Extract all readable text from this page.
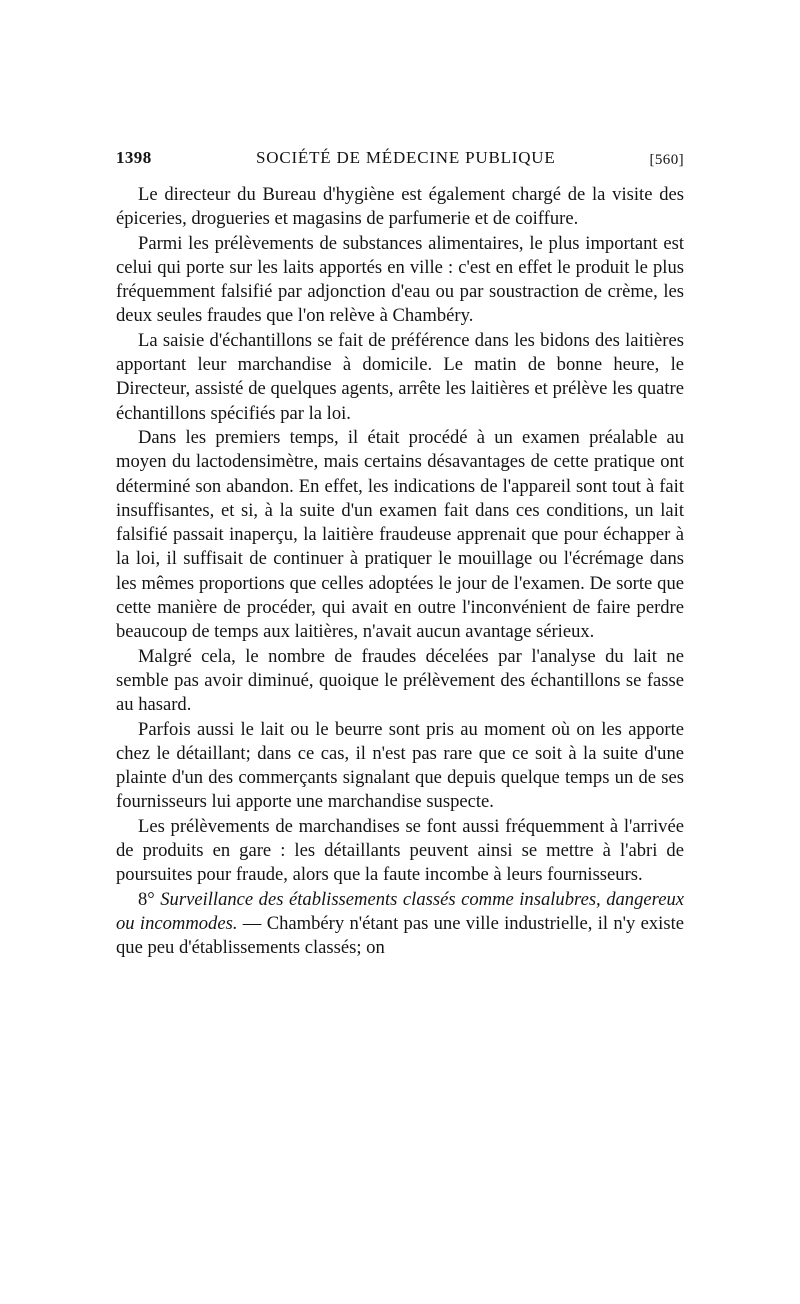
1398	SOCIÉTÉ DE MÉDECINE PUBLIQUE	[560]

Le directeur du Bureau d'hygiène est également chargé de la visite des épiceries, drogueries et magasins de parfumerie et de coiffure.

Parmi les prélèvements de substances alimentaires, le plus important est celui qui porte sur les laits apportés en ville : c'est en effet le produit le plus fréquemment falsifié par adjonction d'eau ou par soustraction de crème, les deux seules fraudes que l'on relève à Chambéry.

La saisie d'échantillons se fait de préférence dans les bidons des laitières apportant leur marchandise à domicile. Le matin de bonne heure, le Directeur, assisté de quelques agents, arrête les laitières et prélève les quatre échantillons spécifiés par la loi.

Dans les premiers temps, il était procédé à un examen préalable au moyen du lactodensimètre, mais certains désavantages de cette pratique ont déterminé son abandon. En effet, les indications de l'appareil sont tout à fait insuffisantes, et si, à la suite d'un examen fait dans ces conditions, un lait falsifié passait inaperçu, la laitière fraudeuse apprenait que pour échapper à la loi, il suffisait de continuer à pratiquer le mouillage ou l'écrémage dans les mêmes proportions que celles adoptées le jour de l'examen. De sorte que cette manière de procéder, qui avait en outre l'inconvénient de faire perdre beaucoup de temps aux laitières, n'avait aucun avantage sérieux.

Malgré cela, le nombre de fraudes décelées par l'analyse du lait ne semble pas avoir diminué, quoique le prélèvement des échantillons se fasse au hasard.

Parfois aussi le lait ou le beurre sont pris au moment où on les apporte chez le détaillant; dans ce cas, il n'est pas rare que ce soit à la suite d'une plainte d'un des commerçants signalant que depuis quelque temps un de ses fournisseurs lui apporte une marchandise suspecte.

Les prélèvements de marchandises se font aussi fréquemment à l'arrivée de produits en gare : les détaillants peuvent ainsi se mettre à l'abri de poursuites pour fraude, alors que la faute incombe à leurs fournisseurs.

8° Surveillance des établissements classés comme insalubres, dangereux ou incommodes. — Chambéry n'étant pas une ville industrielle, il n'y existe que peu d'établissements classés; on
